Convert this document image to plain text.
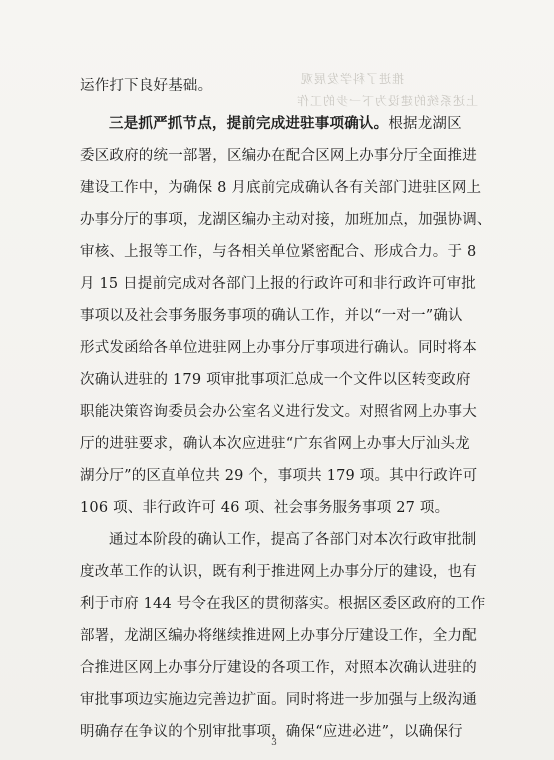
推进了科学发展观
上述系统的建设为下一步的工作
运作打下良好基础。
三是抓严抓节点，提前完成进驻事项确认。根据龙湖区
委区政府的统一部署，区编办在配合区网上办事分厅全面推进
建设工作中，为确保 8 月底前完成确认各有关部门进驻区网上
办事分厅的事项，龙湖区编办主动对接，加班加点，加强协调、
审核、上报等工作，与各相关单位紧密配合、形成合力。于 8
月 15 日提前完成对各部门上报的行政许可和非行政许可审批
事项以及社会事务服务事项的确认工作，并以“一对一”确认
形式发函给各单位进驻网上办事分厅事项进行确认。同时将本
次确认进驻的 179 项审批事项汇总成一个文件以区转变政府
职能决策咨询委员会办公室名义进行发文。对照省网上办事大
厅的进驻要求，确认本次应进驻“广东省网上办事大厅汕头龙
湖分厅”的区直单位共 29 个，事项共 179 项。其中行政许可
106 项、非行政许可 46 项、社会事务服务事项 27 项。
通过本阶段的确认工作，提高了各部门对本次行政审批制
度改革工作的认识，既有利于推进网上办事分厅的建设，也有
利于市府 144 号令在我区的贯彻落实。根据区委区政府的工作
部署，龙湖区编办将继续推进网上办事分厅建设工作，全力配
合推进区网上办事分厅建设的各项工作，对照本次确认进驻的
审批事项边实施边完善边扩面。同时将进一步加强与上级沟通
明确存在争议的个别审批事项，确保“应进必进”，以确保行
3
